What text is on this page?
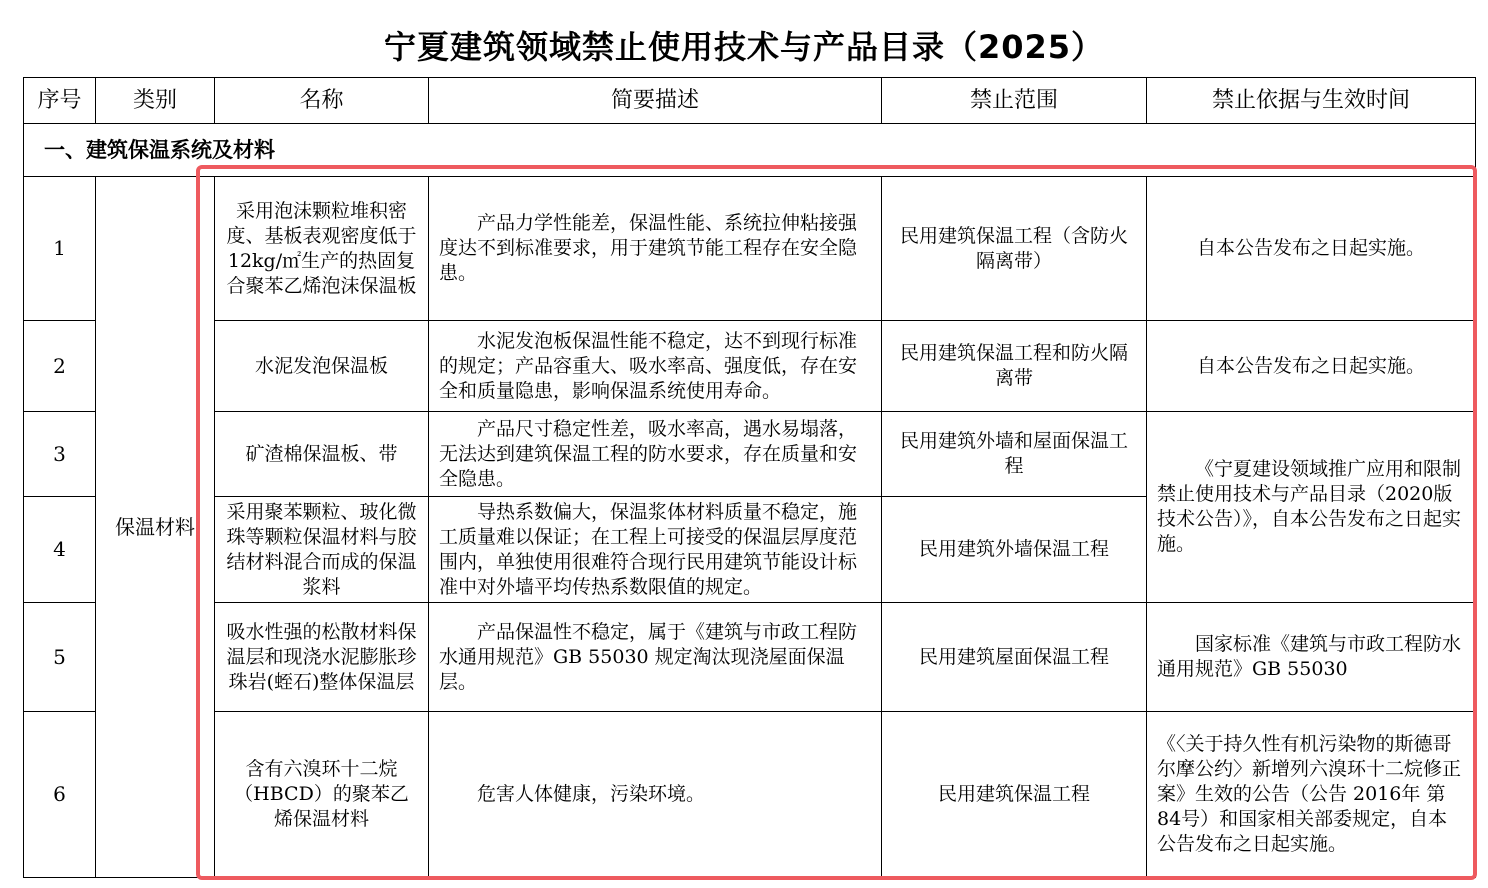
宁夏建筑领域禁止使用技术与产品目录（2025）
序号	类别	名称	简要描述	禁止范围	禁止依据与生效时间
一、建筑保温系统及材料					
1	保温材料	采用泡沫颗粒堆积密度、基板表观密度低于12kg/㎡生产的热固复合聚苯乙烯泡沫保温板	产品力学性能差，保温性能、系统拉伸粘接强度达不到标准要求，用于建筑节能工程存在安全隐患。	民用建筑保温工程（含防火隔离带）	自本公告发布之日起实施。
2		水泥发泡保温板	水泥发泡板保温性能不稳定，达不到现行标准的规定；产品容重大、吸水率高、强度低，存在安全和质量隐患，影响保温系统使用寿命。	民用建筑保温工程和防火隔离带	自本公告发布之日起实施。
3		矿渣棉保温板、带	产品尺寸稳定性差，吸水率高，遇水易塌落，无法达到建筑保温工程的防水要求，存在质量和安全隐患。	民用建筑外墙和屋面保温工程	《宁夏建设领域推广应用和限制禁止使用技术与产品目录（2020版技术公告）》，自本公告发布之日起实施。
4		采用聚苯颗粒、玻化微珠等颗粒保温材料与胶结材料混合而成的保温浆料	导热系数偏大，保温浆体材料质量不稳定，施工质量难以保证；在工程上可接受的保温层厚度范围内，单独使用很难符合现行民用建筑节能设计标准中对外墙平均传热系数限值的规定。	民用建筑外墙保温工程	
5		吸水性强的松散材料保温层和现浇水泥膨胀珍珠岩(蛭石)整体保温层	产品保温性不稳定，属于《建筑与市政工程防水通用规范》GB 55030 规定淘汰现浇屋面保温层。	民用建筑屋面保温工程	国家标准《建筑与市政工程防水通用规范》GB 55030
6		含有六溴环十二烷（HBCD）的聚苯乙烯保温材料	危害人体健康，污染环境。	民用建筑保温工程	《〈关于持久性有机污染物的斯德哥尔摩公约〉新增列六溴环十二烷修正案》生效的公告（公告 2016年 第84号）和国家相关部委规定，自本公告发布之日起实施。
